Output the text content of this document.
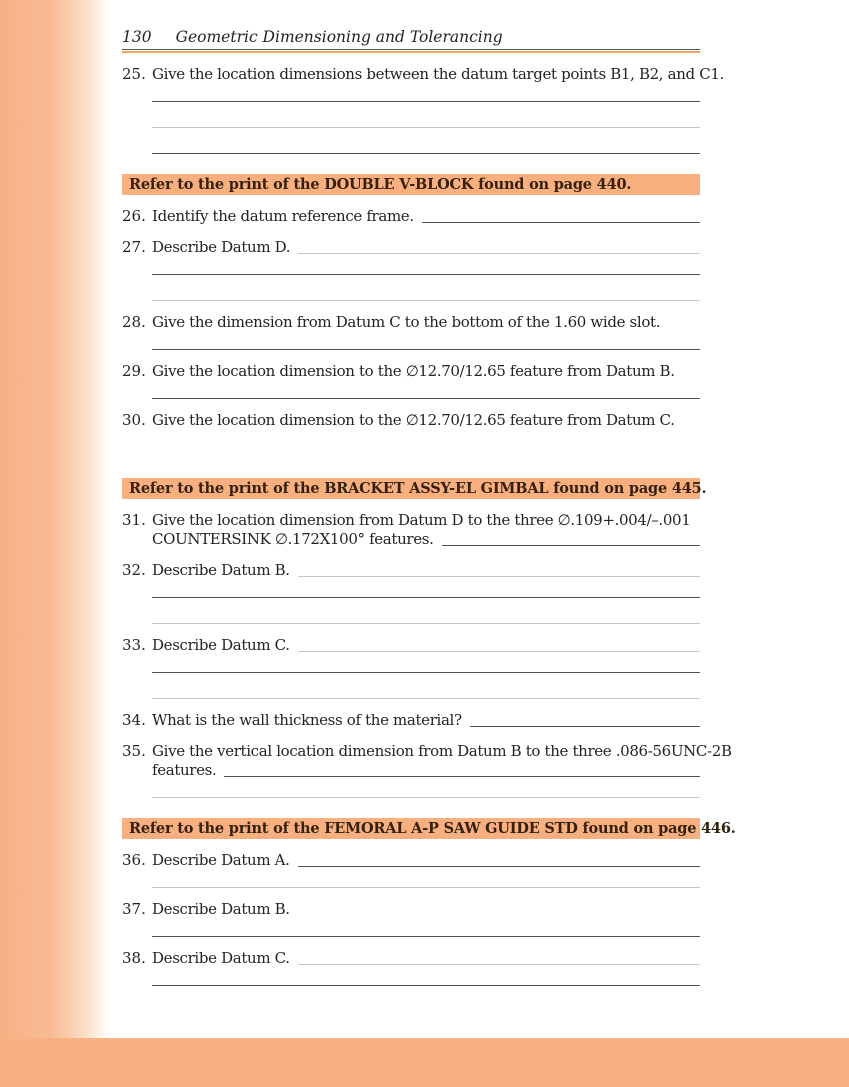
130 Geometric Dimensioning and Tolerancing
25. Give the location dimensions between the datum target points B1, B2, and C1.
Refer to the print of the DOUBLE V-BLOCK found on page 440.
26. Identify the datum reference frame.
27. Describe Datum D.
28. Give the dimension from Datum C to the bottom of the 1.60 wide slot.
29. Give the location dimension to the ∅12.70/12.65 feature from Datum B.
30. Give the location dimension to the ∅12.70/12.65 feature from Datum C.
Refer to the print of the BRACKET ASSY-EL GIMBAL found on page 445.
31. Give the location dimension from Datum D to the three ∅.109+.004/–.001
COUNTERSINK ∅.172X100° features.
32. Describe Datum B.
33. Describe Datum C.
34. What is the wall thickness of the material?
35. Give the vertical location dimension from Datum B to the three .086-56UNC-2B
features.
Refer to the print of the FEMORAL A-P SAW GUIDE STD found on page 446.
36. Describe Datum A.
37. Describe Datum B.
38. Describe Datum C.
